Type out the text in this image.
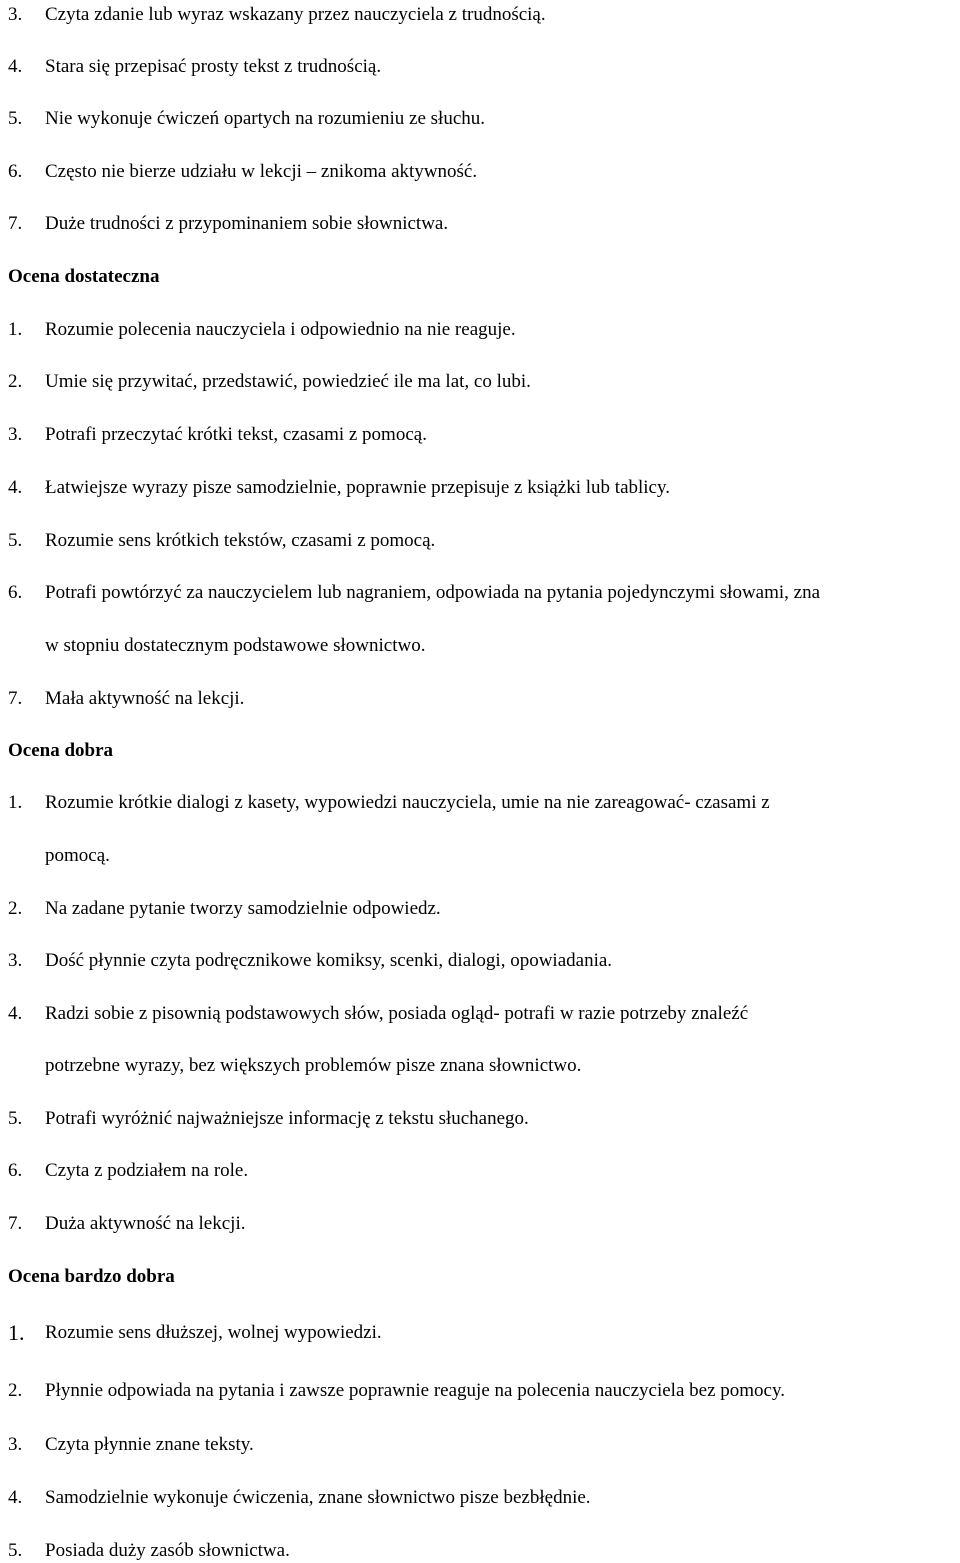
3.	Czyta zdanie lub wyraz wskazany przez nauczyciela z trudnością.
4.	Stara się przepisać prosty tekst z trudnością.
5.	Nie wykonuje ćwiczeń opartych na rozumieniu ze słuchu.
6.	Często nie bierze udziału w lekcji – znikoma aktywność.
7.	Duże trudności z przypominaniem sobie słownictwa.
Ocena dostateczna
1.	Rozumie polecenia nauczyciela i odpowiednio na nie reaguje.
2.	Umie się przywitać, przedstawić, powiedzieć ile ma lat, co lubi.
3.	Potrafi przeczytać krótki tekst, czasami z pomocą.
4.	Łatwiejsze wyrazy pisze samodzielnie, poprawnie przepisuje z książki lub tablicy.
5.	Rozumie sens krótkich tekstów, czasami z pomocą.
6.	Potrafi powtórzyć za nauczycielem lub nagraniem, odpowiada na pytania pojedynczymi słowami, zna
w stopniu dostatecznym podstawowe słownictwo.
7.	Mała aktywność na lekcji.
Ocena dobra
1.	Rozumie krótkie dialogi z kasety, wypowiedzi nauczyciela, umie na nie zareagować- czasami z
pomocą.
2.	Na zadane pytanie tworzy samodzielnie odpowiedz.
3.	Dość płynnie czyta podręcznikowe komiksy, scenki, dialogi, opowiadania.
4.	Radzi sobie z pisownią podstawowych słów, posiada ogląd- potrafi w razie potrzeby znaleźć
potrzebne wyrazy, bez większych problemów pisze znana słownictwo.
5.	Potrafi wyróżnić najważniejsze informację z tekstu słuchanego.
6.	Czyta z podziałem na role.
7.	Duża aktywność na lekcji.
Ocena bardzo dobra
1.	Rozumie sens dłuższej, wolnej wypowiedzi.
2.	Płynnie odpowiada na pytania i zawsze poprawnie reaguje na polecenia nauczyciela bez pomocy.
3.	Czyta płynnie znane teksty.
4.	Samodzielnie wykonuje ćwiczenia, znane słownictwo pisze bezbłędnie.
5.	Posiada duży zasób słownictwa.
